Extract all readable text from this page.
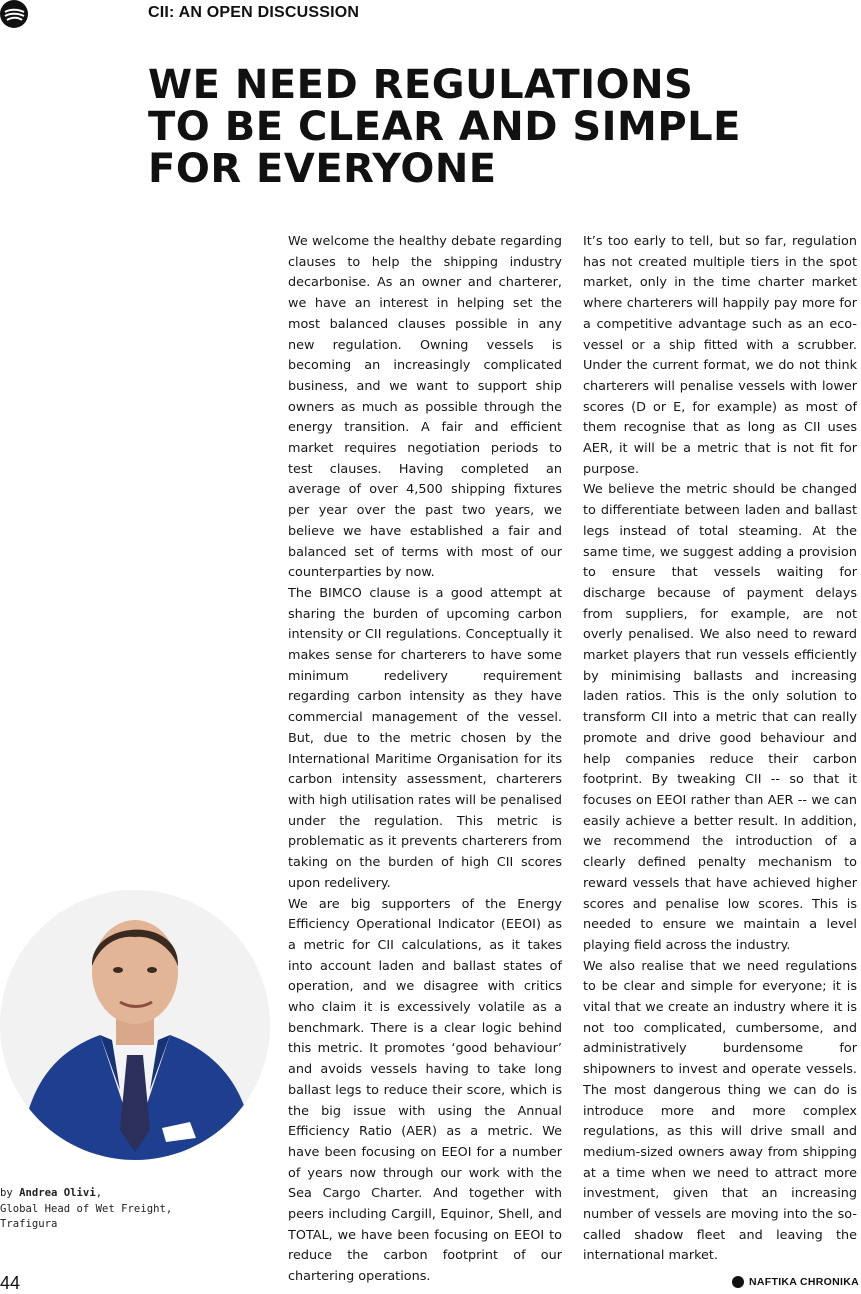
CII: AN OPEN DISCUSSION
WE NEED REGULATIONS
TO BE CLEAR AND SIMPLE
FOR EVERYONE

We welcome the healthy debate regarding clauses to help the shipping industry decarbonise. As an owner and charterer, we have an interest in helping set the most balanced clauses possible in any new regulation. Owning vessels is becoming an increasingly complicated business, and we want to support ship owners as much as possible through the energy transition. A fair and efficient market requires negotiation periods to test clauses. Having completed an average of over 4,500 shipping fixtures per year over the past two years, we believe we have established a fair and balanced set of terms with most of our counterparties by now.

The BIMCO clause is a good attempt at sharing the burden of upcoming carbon intensity or CII regulations. Conceptually it makes sense for charterers to have some minimum redelivery requirement regarding carbon intensity as they have commercial management of the vessel. But, due to the metric chosen by the International Maritime Organisation for its carbon intensity assessment, charterers with high utilisation rates will be penalised under the regulation. This metric is problematic as it prevents charterers from taking on the burden of high CII scores upon redelivery.

We are big supporters of the Energy Efficiency Operational Indicator (EEOI) as a metric for CII calculations, as it takes into account laden and ballast states of operation, and we disagree with critics who claim it is excessively volatile as a benchmark. There is a clear logic behind this metric. It promotes ‘good behaviour’ and avoids vessels having to take long ballast legs to reduce their score, which is the big issue with using the Annual Efficiency Ratio (AER) as a metric. We have been focusing on EEOI for a number of years now through our work with the Sea Cargo Charter. And together with peers including Cargill, Equinor, Shell, and TOTAL, we have been focusing on EEOI to reduce the carbon footprint of our chartering operations.

It’s too early to tell, but so far, regulation has not created multiple tiers in the spot market, only in the time charter market where charterers will happily pay more for a competitive advantage such as an eco-vessel or a ship fitted with a scrubber. Under the current format, we do not think charterers will penalise vessels with lower scores (D or E, for example) as most of them recognise that as long as CII uses AER, it will be a metric that is not fit for purpose.

We believe the metric should be changed to differentiate between laden and ballast legs instead of total steaming. At the same time, we suggest adding a provision to ensure that vessels waiting for discharge because of payment delays from suppliers, for example, are not overly penalised. We also need to reward market players that run vessels efficiently by minimising ballasts and increasing laden ratios. This is the only solution to transform CII into a metric that can really promote and drive good behaviour and help companies reduce their carbon footprint. By tweaking CII -- so that it focuses on EEOI rather than AER -- we can easily achieve a better result. In addition, we recommend the introduction of a clearly defined penalty mechanism to reward vessels that have achieved higher scores and penalise low scores. This is needed to ensure we maintain a level playing field across the industry.

We also realise that we need regulations to be clear and simple for everyone; it is vital that we create an industry where it is not too complicated, cumbersome, and administratively burdensome for shipowners to invest and operate vessels. The most dangerous thing we can do is introduce more and more complex regulations, as this will drive small and medium-sized owners away from shipping at a time when we need to attract more investment, given that an increasing number of vessels are moving into the so-called shadow fleet and leaving the international market.

by Andrea Olivi,
Global Head of Wet Freight,
Trafigura
44	NAFTIKA CHRONIKA
